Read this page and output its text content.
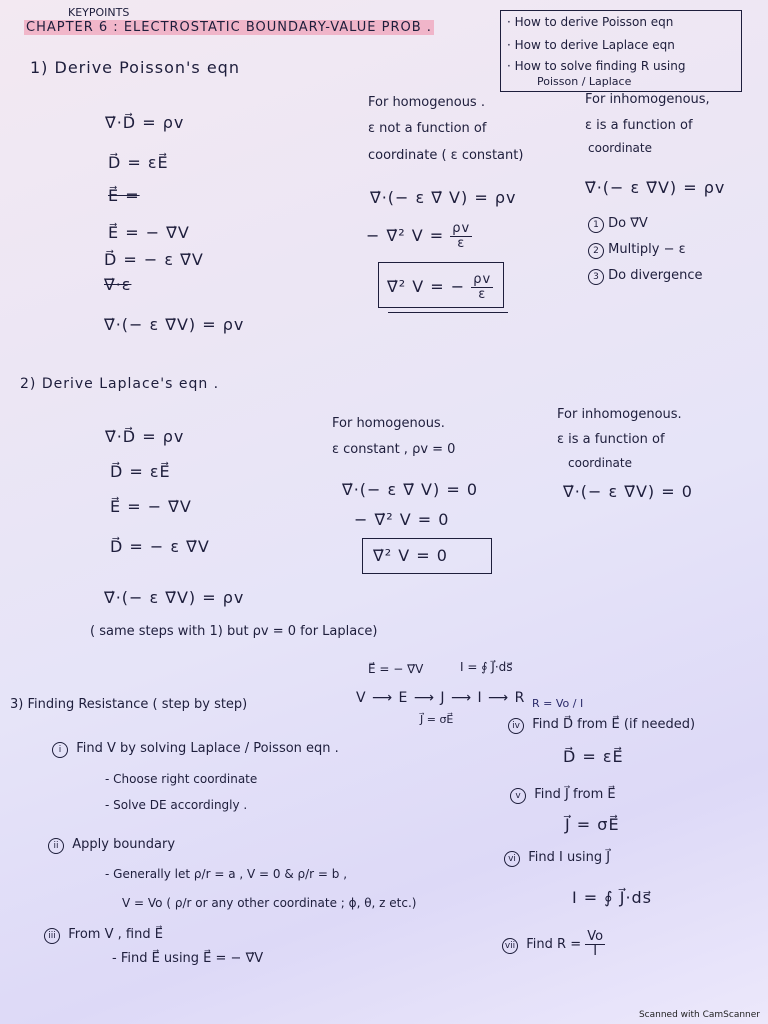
KEYPOINTS
CHAPTER 6 : ELECTROSTATIC BOUNDARY-VALUE PROB .	· How to derive Poisson eqn
· How to derive Laplace eqn
· How to solve finding R using
Poisson / Laplace
1) Derive Poisson's eqn
∇⃗·D⃗ = ρv
D⃗ = εE⃗
E⃗ =
E⃗ = − ∇⃗V
D⃗ = − ε ∇⃗V
∇⃗·ε
∇⃗·(− ε ∇⃗V) = ρv
For homogenous .
ε not a function of
coordinate ( ε constant)
∇⃗·(− ε ∇⃗ V) = ρv
− ∇⃗² $V = \frac{\rho v}{\varepsilon}$
∇⃗² V = − $\frac{\rho v}{\varepsilon}$
For inhomogenous,
ε is a function of
coordinate
∇⃗·(− ε ∇⃗V) = ρv
1 Do ∇⃗V
2 Multiply − ε
3 Do divergence
2) Derive Laplace's eqn .
∇⃗·D⃗ = ρv
D⃗ = εE⃗
E⃗ = − ∇⃗V
D⃗ = − ε ∇⃗V
∇⃗·(− ε ∇⃗V) = ρv
For homogenous.
ε constant , ρv = 0
∇⃗·(− ε ∇⃗ V) = 0
− ∇⃗² V = 0
∇⃗² V = 0
For inhomogenous.
ε is a function of
coordinate
∇⃗·(− ε ∇⃗V) = 0
( same steps with 1) but ρv = 0 for Laplace)
3) Finding Resistance ( step by step)
E⃗ = − ∇⃗V	I = ∮ J⃗·ds⃗
V ⟶ E ⟶ J ⟶ I ⟶ R
J⃗ = σE⃗
R = Vo / I
i Find V by solving Laplace / Poisson eqn .
- Choose right coordinate
- Solve DE accordingly .
ii Apply boundary
- Generally let ρ/r = a , V = 0 & ρ/r = b ,
V = Vo ( ρ/r or any other coordinate ; ϕ, θ, z etc.)
iii From V , find E⃗
- Find E⃗ using E⃗ = − ∇⃗V
iv Find D⃗ from E⃗ (if needed)
D⃗ = εE⃗
v Find J⃗ from E⃗
J⃗ = σE⃗
vi Find I using J⃗
I = ∮ J⃗·ds⃗
vii Find $R = \frac{Vo}{I}$
Scanned with CamScanner
